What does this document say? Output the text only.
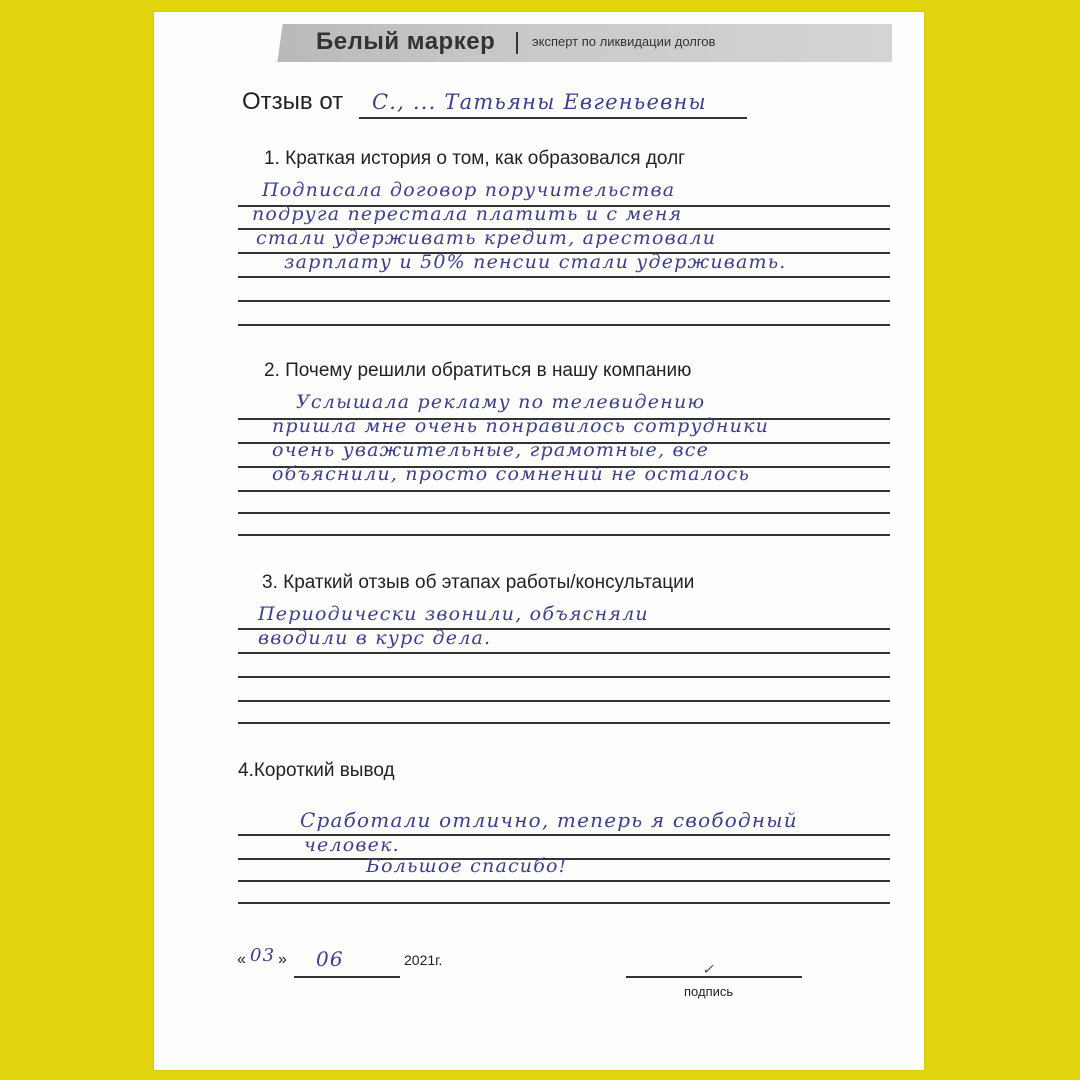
Белый маркер	эксперт по ликвидации долгов
Отзыв от С., ... Татьяны Евгеньевны
1. Краткая история о том, как образовался долг
Подписала договор поручительства
подруга перестала платить и с меня
стали удерживать кредит, арестовали
зарплату и 50% пенсии стали удерживать.
2. Почему решили обратиться в нашу компанию
Услышала рекламу по телевидению
пришла мне очень понравилось сотрудники
очень уважительные, грамотные, все
объяснили, просто сомнений не осталось
3. Краткий отзыв об этапах работы/консультации
Периодически звонили, объясняли
вводили в курс дела.
4.Короткий вывод
Сработали отлично, теперь я свободный
человек.
Большое спасибо!
« 03 » 06	2021г.
✓
подпись
